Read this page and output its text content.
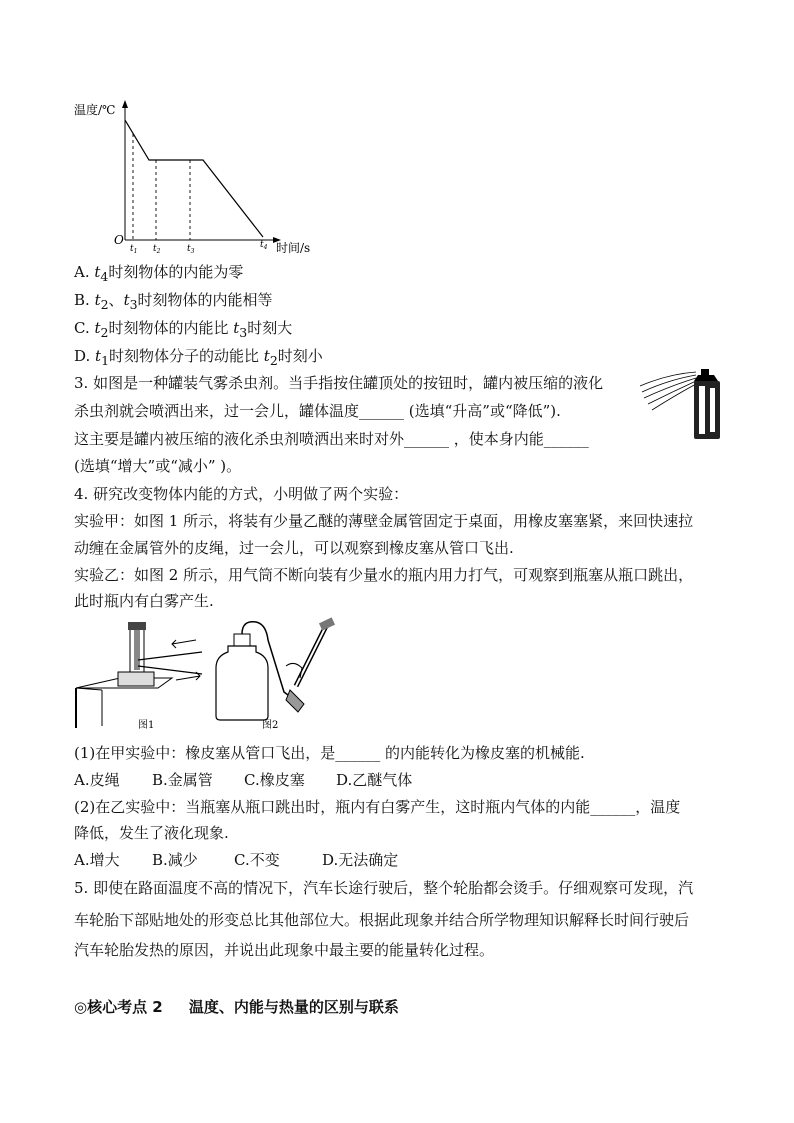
温度/℃
O
$t_1$ $t_2$	$t_3$
$t_4$ 时间/s
A. $t_4$时刻物体的内能为零
B. $t_2$、$t_3$时刻物体的内能相等
C. $t_2$时刻物体的内能比 $t_3$时刻大
D. $t_1$时刻物体分子的动能比 $t_2$时刻小
3. 如图是一种罐装气雾杀虫剂。当手指按住罐顶处的按钮时，罐内被压缩的液化
杀虫剂就会喷洒出来，过一会儿，罐体温度______ (选填“升高”或“降低”).
这主要是罐内被压缩的液化杀虫剂喷洒出来时对外______ ，使本身内能______
(选填“增大”或“减小” )。
4. 研究改变物体内能的方式，小明做了两个实验：
实验甲：如图 1 所示，将装有少量乙醚的薄壁金属管固定于桌面，用橡皮塞塞紧，来回快速拉
动缠在金属管外的皮绳，过一会儿，可以观察到橡皮塞从管口飞出.
实验乙：如图 2 所示，用气筒不断向装有少量水的瓶内用力打气，可观察到瓶塞从瓶口跳出，
此时瓶内有白雾产生.
图1	图2
(1)在甲实验中：橡皮塞从管口飞出，是______ 的内能转化为橡皮塞的机械能.
A.皮绳 B.金属管 C.橡皮塞 D.乙醚气体
(2)在乙实验中：当瓶塞从瓶口跳出时，瓶内有白雾产生，这时瓶内气体的内能______，温度
降低，发生了液化现象.
A.增大 B.减少 C.不变	D.无法确定
5. 即使在路面温度不高的情况下，汽车长途行驶后，整个轮胎都会烫手。仔细观察可发现，汽
车轮胎下部贴地处的形变总比其他部位大。根据此现象并结合所学物理知识解释长时间行驶后
汽车轮胎发热的原因，并说出此现象中最主要的能量转化过程。
◎核心考点 2     温度、内能与热量的区别与联系
